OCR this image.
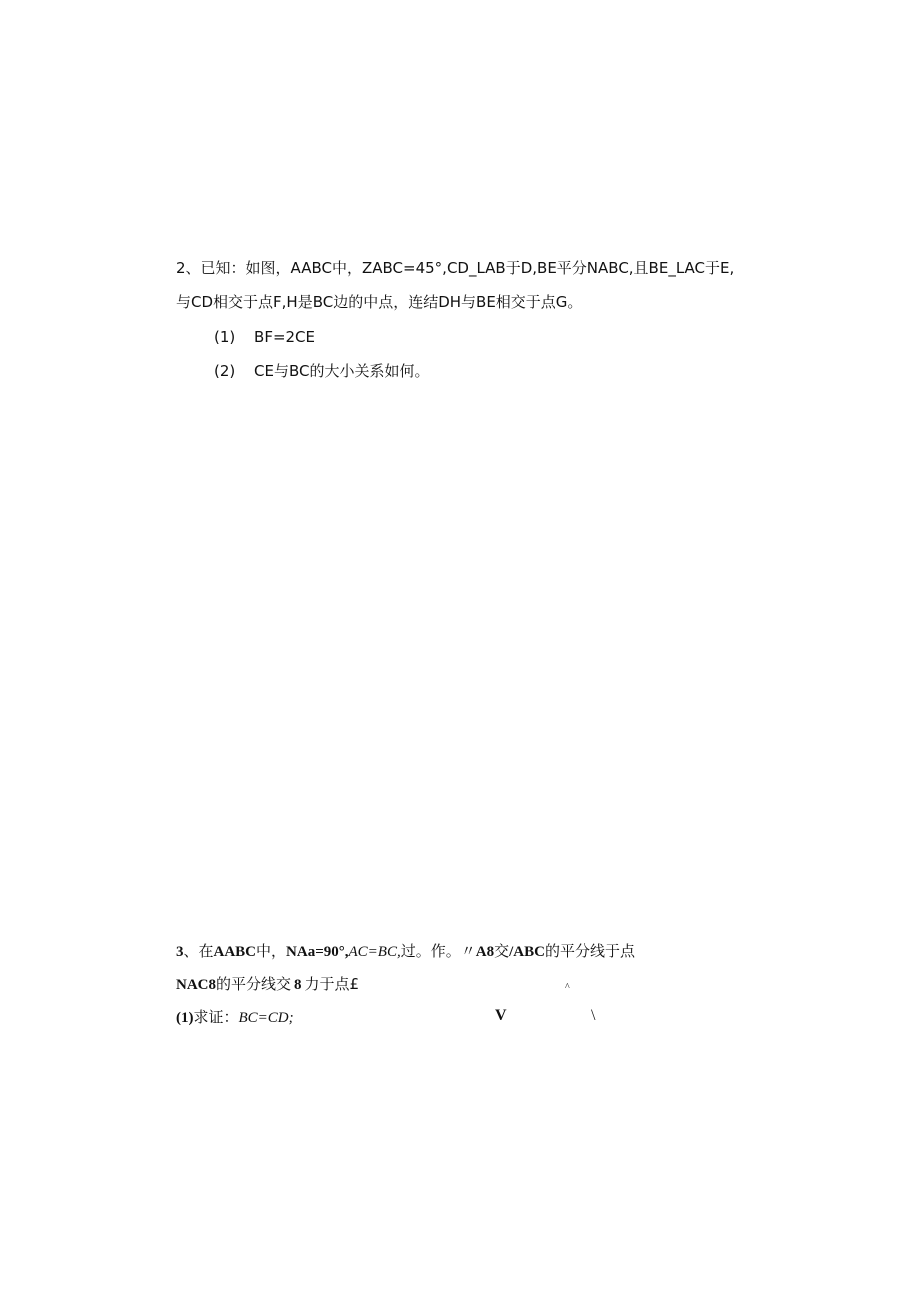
2、已知：如图，AABC中，ZABC=45°,CD_LAB于D,BE平分NABC,且BE_LAC于E,
与CD相交于点F,H是BC边的中点，连结DH与BE相交于点G。
(1) BF=2CE
(2) CE与BC的大小关系如何。
3、在AABC中，NAa=90°,AC=BC,过。作。〃A8交/ABC的平分线于点
NAC8的平分线交 8 力于点£
(1)求证：BC=CD;
^
V	\
